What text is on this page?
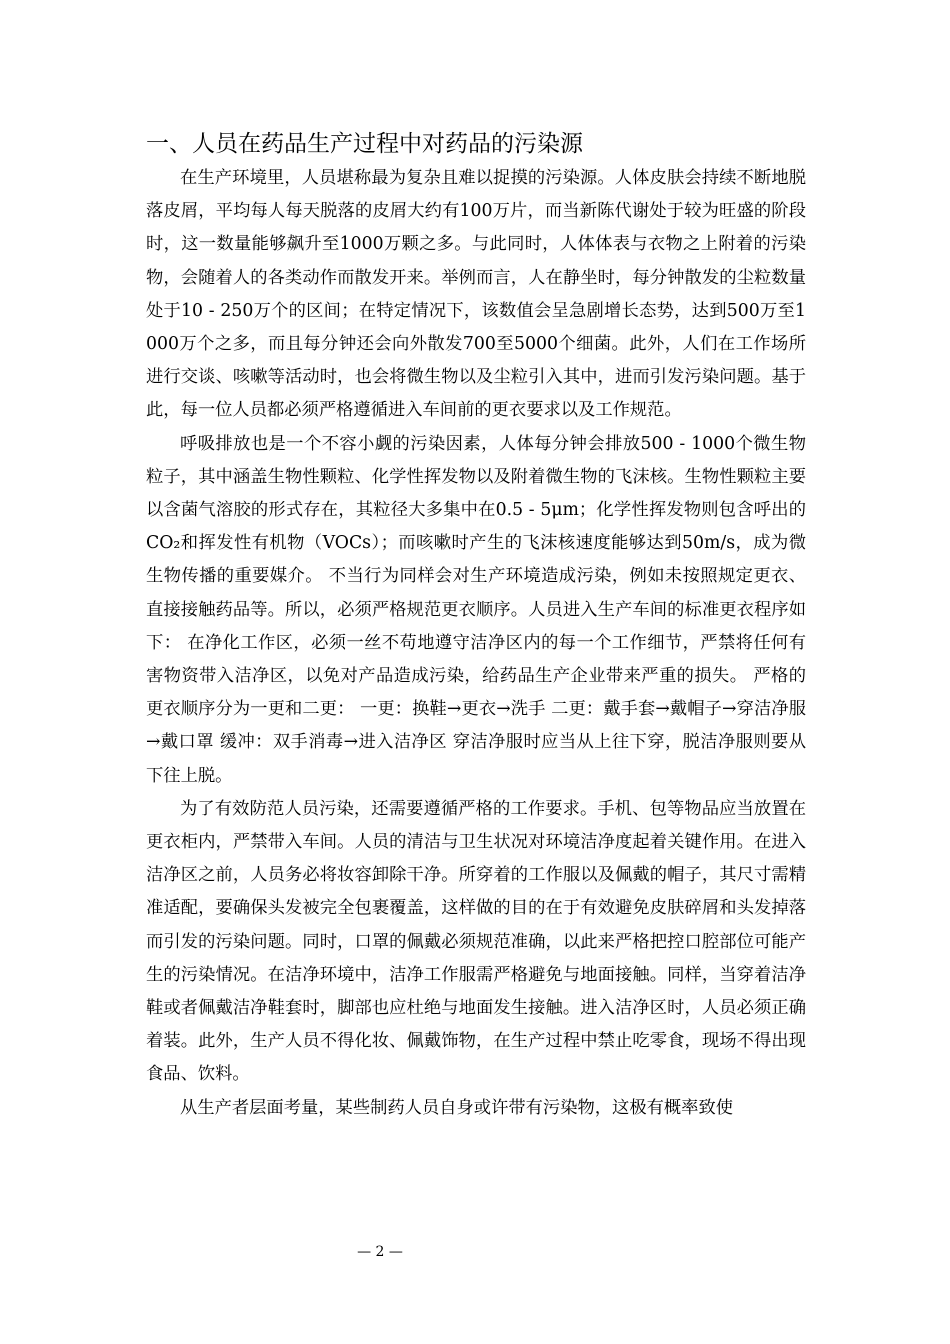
一、人员在药品生产过程中对药品的污染源

在生产环境里，人员堪称最为复杂且难以捉摸的污染源。人体皮肤会持续不断地脱落皮屑，平均每人每天脱落的皮屑大约有100万片，而当新陈代谢处于较为旺盛的阶段时，这一数量能够飙升至1000万颗之多。与此同时，人体体表与衣物之上附着的污染物，会随着人的各类动作而散发开来。举例而言，人在静坐时，每分钟散发的尘粒数量处于10 - 250万个的区间；在特定情况下，该数值会呈急剧增长态势，达到500万至1000万个之多，而且每分钟还会向外散发700至5000个细菌。此外，人们在工作场所进行交谈、咳嗽等活动时，也会将微生物以及尘粒引入其中，进而引发污染问题。基于此，每一位人员都必须严格遵循进入车间前的更衣要求以及工作规范。

呼吸排放也是一个不容小觑的污染因素，人体每分钟会排放500 - 1000个微生物粒子，其中涵盖生物性颗粒、化学性挥发物以及附着微生物的飞沫核。生物性颗粒主要以含菌气溶胶的形式存在，其粒径大多集中在0.5 - 5μm；化学性挥发物则包含呼出的CO₂和挥发性有机物（VOCs）；而咳嗽时产生的飞沫核速度能够达到50m/s，成为微生物传播的重要媒介。 不当行为同样会对生产环境造成污染，例如未按照规定更衣、直接接触药品等。所以，必须严格规范更衣顺序。人员进入生产车间的标准更衣程序如下： 在净化工作区，必须一丝不苟地遵守洁净区内的每一个工作细节，严禁将任何有害物资带入洁净区，以免对产品造成污染，给药品生产企业带来严重的损失。 严格的更衣顺序分为一更和二更： 一更：换鞋→更衣→洗手 二更：戴手套→戴帽子→穿洁净服→戴口罩 缓冲：双手消毒→进入洁净区 穿洁净服时应当从上往下穿，脱洁净服则要从下往上脱。

为了有效防范人员污染，还需要遵循严格的工作要求。手机、包等物品应当放置在更衣柜内，严禁带入车间。人员的清洁与卫生状况对环境洁净度起着关键作用。在进入洁净区之前，人员务必将妆容卸除干净。所穿着的工作服以及佩戴的帽子，其尺寸需精准适配，要确保头发被完全包裹覆盖，这样做的目的在于有效避免皮肤碎屑和头发掉落而引发的污染问题。同时，口罩的佩戴必须规范准确，以此来严格把控口腔部位可能产生的污染情况。在洁净环境中，洁净工作服需严格避免与地面接触。同样，当穿着洁净鞋或者佩戴洁净鞋套时，脚部也应杜绝与地面发生接触。进入洁净区时，人员必须正确着装。此外，生产人员不得化妆、佩戴饰物，在生产过程中禁止吃零食，现场不得出现食品、饮料。

从生产者层面考量，某些制药人员自身或许带有污染物，这极有概率致使

— 2 —
